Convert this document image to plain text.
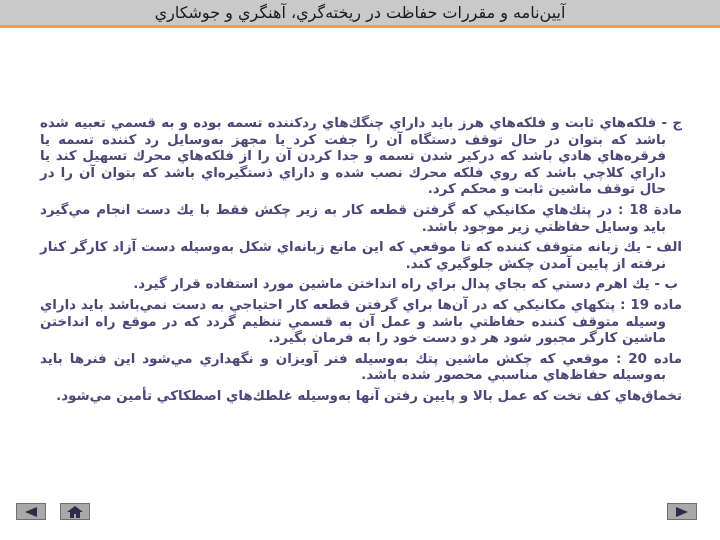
آیین‌نامه و مقررات حفاظت در ریخته‌گري، آهنگري و جوشكاري

ج - فلكه‌هاي ثابت و فلكه‌هاي هرز بايد داراي چنگك‌هاي ردكننده تسمه بوده و به قسمي تعبيه شده باشد كه بتوان در حال توقف دستگاه آن را جفت كرد يا مجهز به‌وسايل رد كننده تسمه يا فرقره‌هاي هادي باشد كه دركير شدن تسمه و جدا كردن آن را از فلكه‌هاي محرك تسهيل كند يا داراي كلاچي باشد كه روي فلكه محرك نصب شده و داراي ذستگيره‌اي باشد كه بتوان آن را در حال توقف ماشين ثابت و محكم كرد.

مادة 18 : در پتك‌هاي مكانيكي كه گرفتن قطعه كار به زير چكش فقط با يك دست انجام مي‌گيرد بايد وسايل حفاظتي زير موجود باشد.

الف - يك زبانه متوقف كننده كه تا موقعي كه اين مانع زبانه‌اي شكل به‌وسيله دست آزاد كارگر كنار نرفته از پايين آمدن چكش جلوگيري كند.

ب - يك اهرم دستي كه بجاي پدال براي راه انداختن ماشين مورد استفاده قرار گيرد.

ماده 19 : پتكهاي مكانيكي كه در آن‌ها براي گرفتن قطعه كار احتياجي به دست نمي‌باشد بايد داراي وسيله متوقف كننده حفاظتي باشد و عمل آن به قسمي تنظيم گردد كه در موقع راه انداختن ماشين كارگر مجبور شود هر دو دست خود را به فرمان بگيرد.

ماده 20 : موقعي كه چكش ماشين پتك به‌وسيله فنر آويزان و نگهداري مي‌شود اين فنرها بايد به‌وسيله حفاظ‌هاي مناسبي محصور شده باشد.

تخماق‌هاي كف تخت كه عمل بالا و پايين رفتن آنها به‌وسيله غلطك‌هاي اصطكاكي تأمين مي‌شود.
